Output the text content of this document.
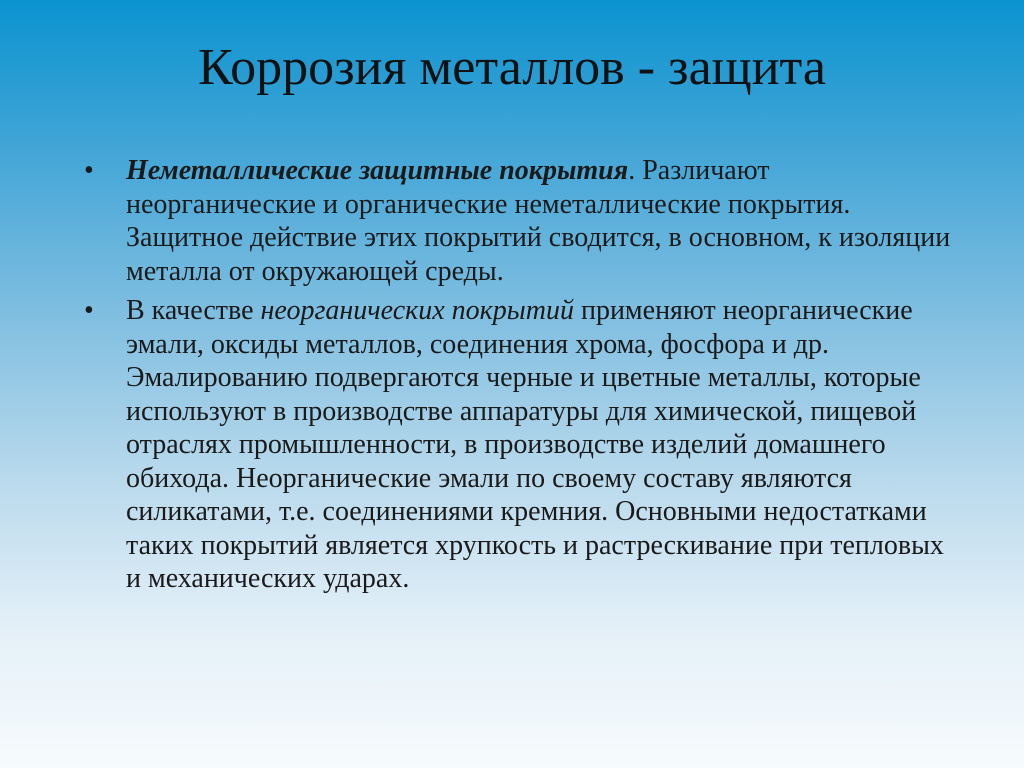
Коррозия металлов - защита
• Неметаллические защитные покрытия. Различают неорганические и органические неметаллические покрытия. Защитное действие этих покрытий сводится, в основном, к изоляции металла от окружающей среды.
• В качестве неорганических покрытий применяют неорганические эмали, оксиды металлов, соединения хрома, фосфора и др. Эмалированию подвергаются черные и цветные металлы, которые используют в производстве аппаратуры для химической, пищевой отраслях промышленности, в производстве изделий домашнего обихода. Неорганические эмали по своему составу являются силикатами, т.е. соединениями кремния. Основными недостатками таких покрытий является хрупкость и растрескивание при тепловых и механических ударах.
